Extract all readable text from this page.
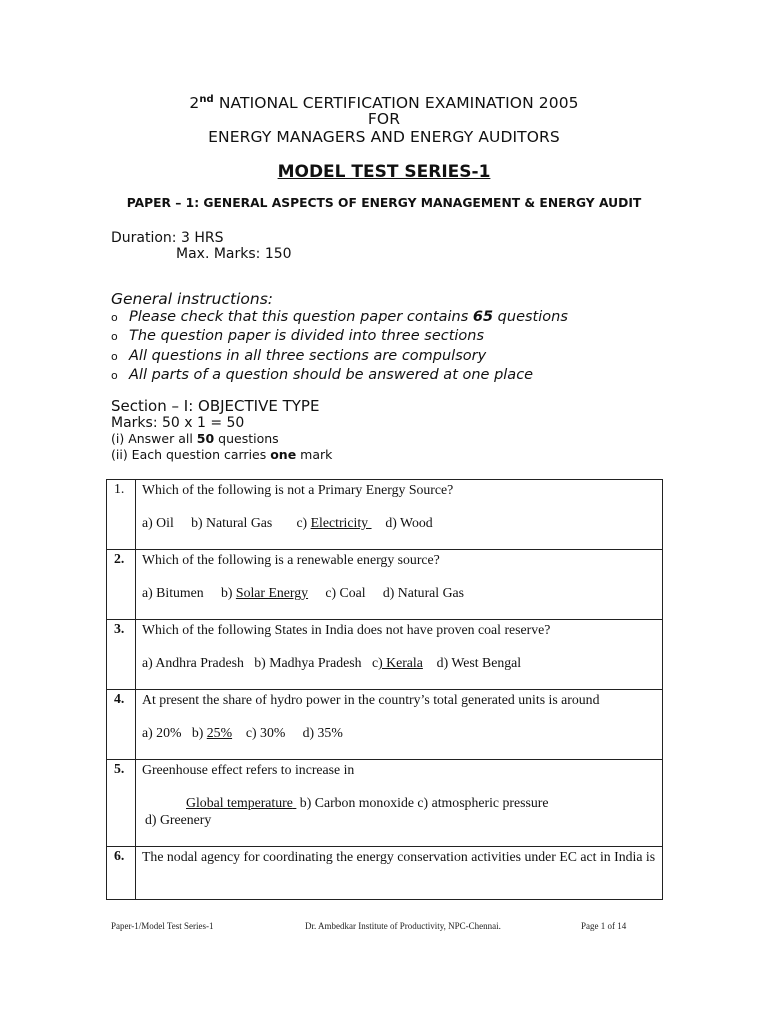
2nd NATIONAL CERTIFICATION EXAMINATION 2005
FOR
ENERGY MANAGERS AND ENERGY AUDITORS
MODEL TEST SERIES-1
PAPER – 1: GENERAL ASPECTS OF ENERGY MANAGEMENT & ENERGY AUDIT
Duration: 3 HRS
Max. Marks: 150
General instructions:
o Please check that this question paper contains 65 questions
o The question paper is divided into three sections
o All questions in all three sections are compulsory
o All parts of a question should be answered at one place
Section – I: OBJECTIVE TYPE
Marks: 50 x 1 = 50
(i) Answer all 50 questions
(ii) Each question carries one mark
1.	Which of the following is not a Primary Energy Source?
a) Oil b) Natural Gas c) Electricity d) Wood

2.	Which of the following is a renewable energy source?
a) Bitumen b) Solar Energy c) Coal d) Natural Gas

3.	Which of the following States in India does not have proven coal reserve?
a) Andhra Pradesh b) Madhya Pradesh c) Kerala d) West Bengal

4.	At present the share of hydro power in the country’s total generated units is around
a) 20% b) 25% c) 30% d) 35%

5.	Greenhouse effect refers to increase in
Global temperature b) Carbon monoxide c) atmospheric pressure
d) Greenery

6.	The nodal agency for coordinating the energy conservation activities under EC act in India is
Paper-1/Model Test Series-1	Dr. Ambedkar Institute of Productivity, NPC-Chennai.	Page 1 of 14
